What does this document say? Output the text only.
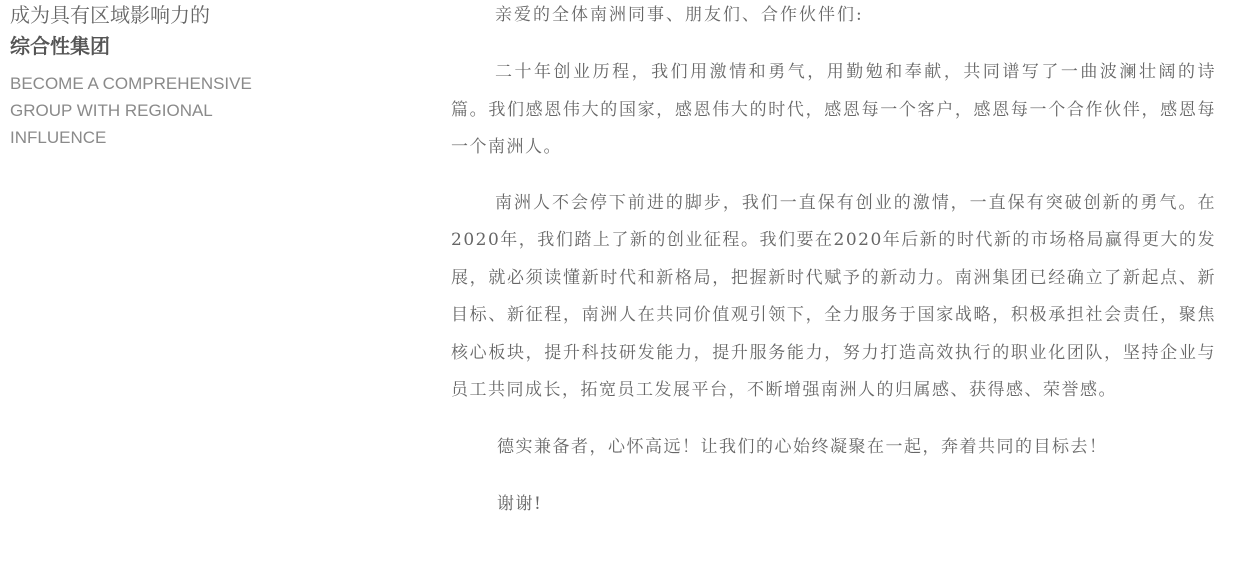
成为具有区域影响力的
综合性集团
BECOME A COMPREHENSIVE GROUP WITH REGIONAL INFLUENCE

亲爱的全体南洲同事、朋友们、合作伙伴们:

二十年创业历程，我们用激情和勇气，用勤勉和奉献，共同谱写了一曲波澜壮阔的诗篇。我们感恩伟大的国家，感恩伟大的时代，感恩每一个客户，感恩每一个合作伙伴，感恩每一个南洲人。

南洲人不会停下前进的脚步，我们一直保有创业的激情，一直保有突破创新的勇气。在2020年，我们踏上了新的创业征程。我们要在2020年后新的时代新的市场格局赢得更大的发展，就必须读懂新时代和新格局，把握新时代赋予的新动力。南洲集团已经确立了新起点、新目标、新征程，南洲人在共同价值观引领下，全力服务于国家战略，积极承担社会责任，聚焦核心板块，提升科技研发能力，提升服务能力，努力打造高效执行的职业化团队，坚持企业与员工共同成长，拓宽员工发展平台，不断增强南洲人的归属感、获得感、荣誉感。

德实兼备者，心怀高远！让我们的心始终凝聚在一起，奔着共同的目标去！

谢谢!
